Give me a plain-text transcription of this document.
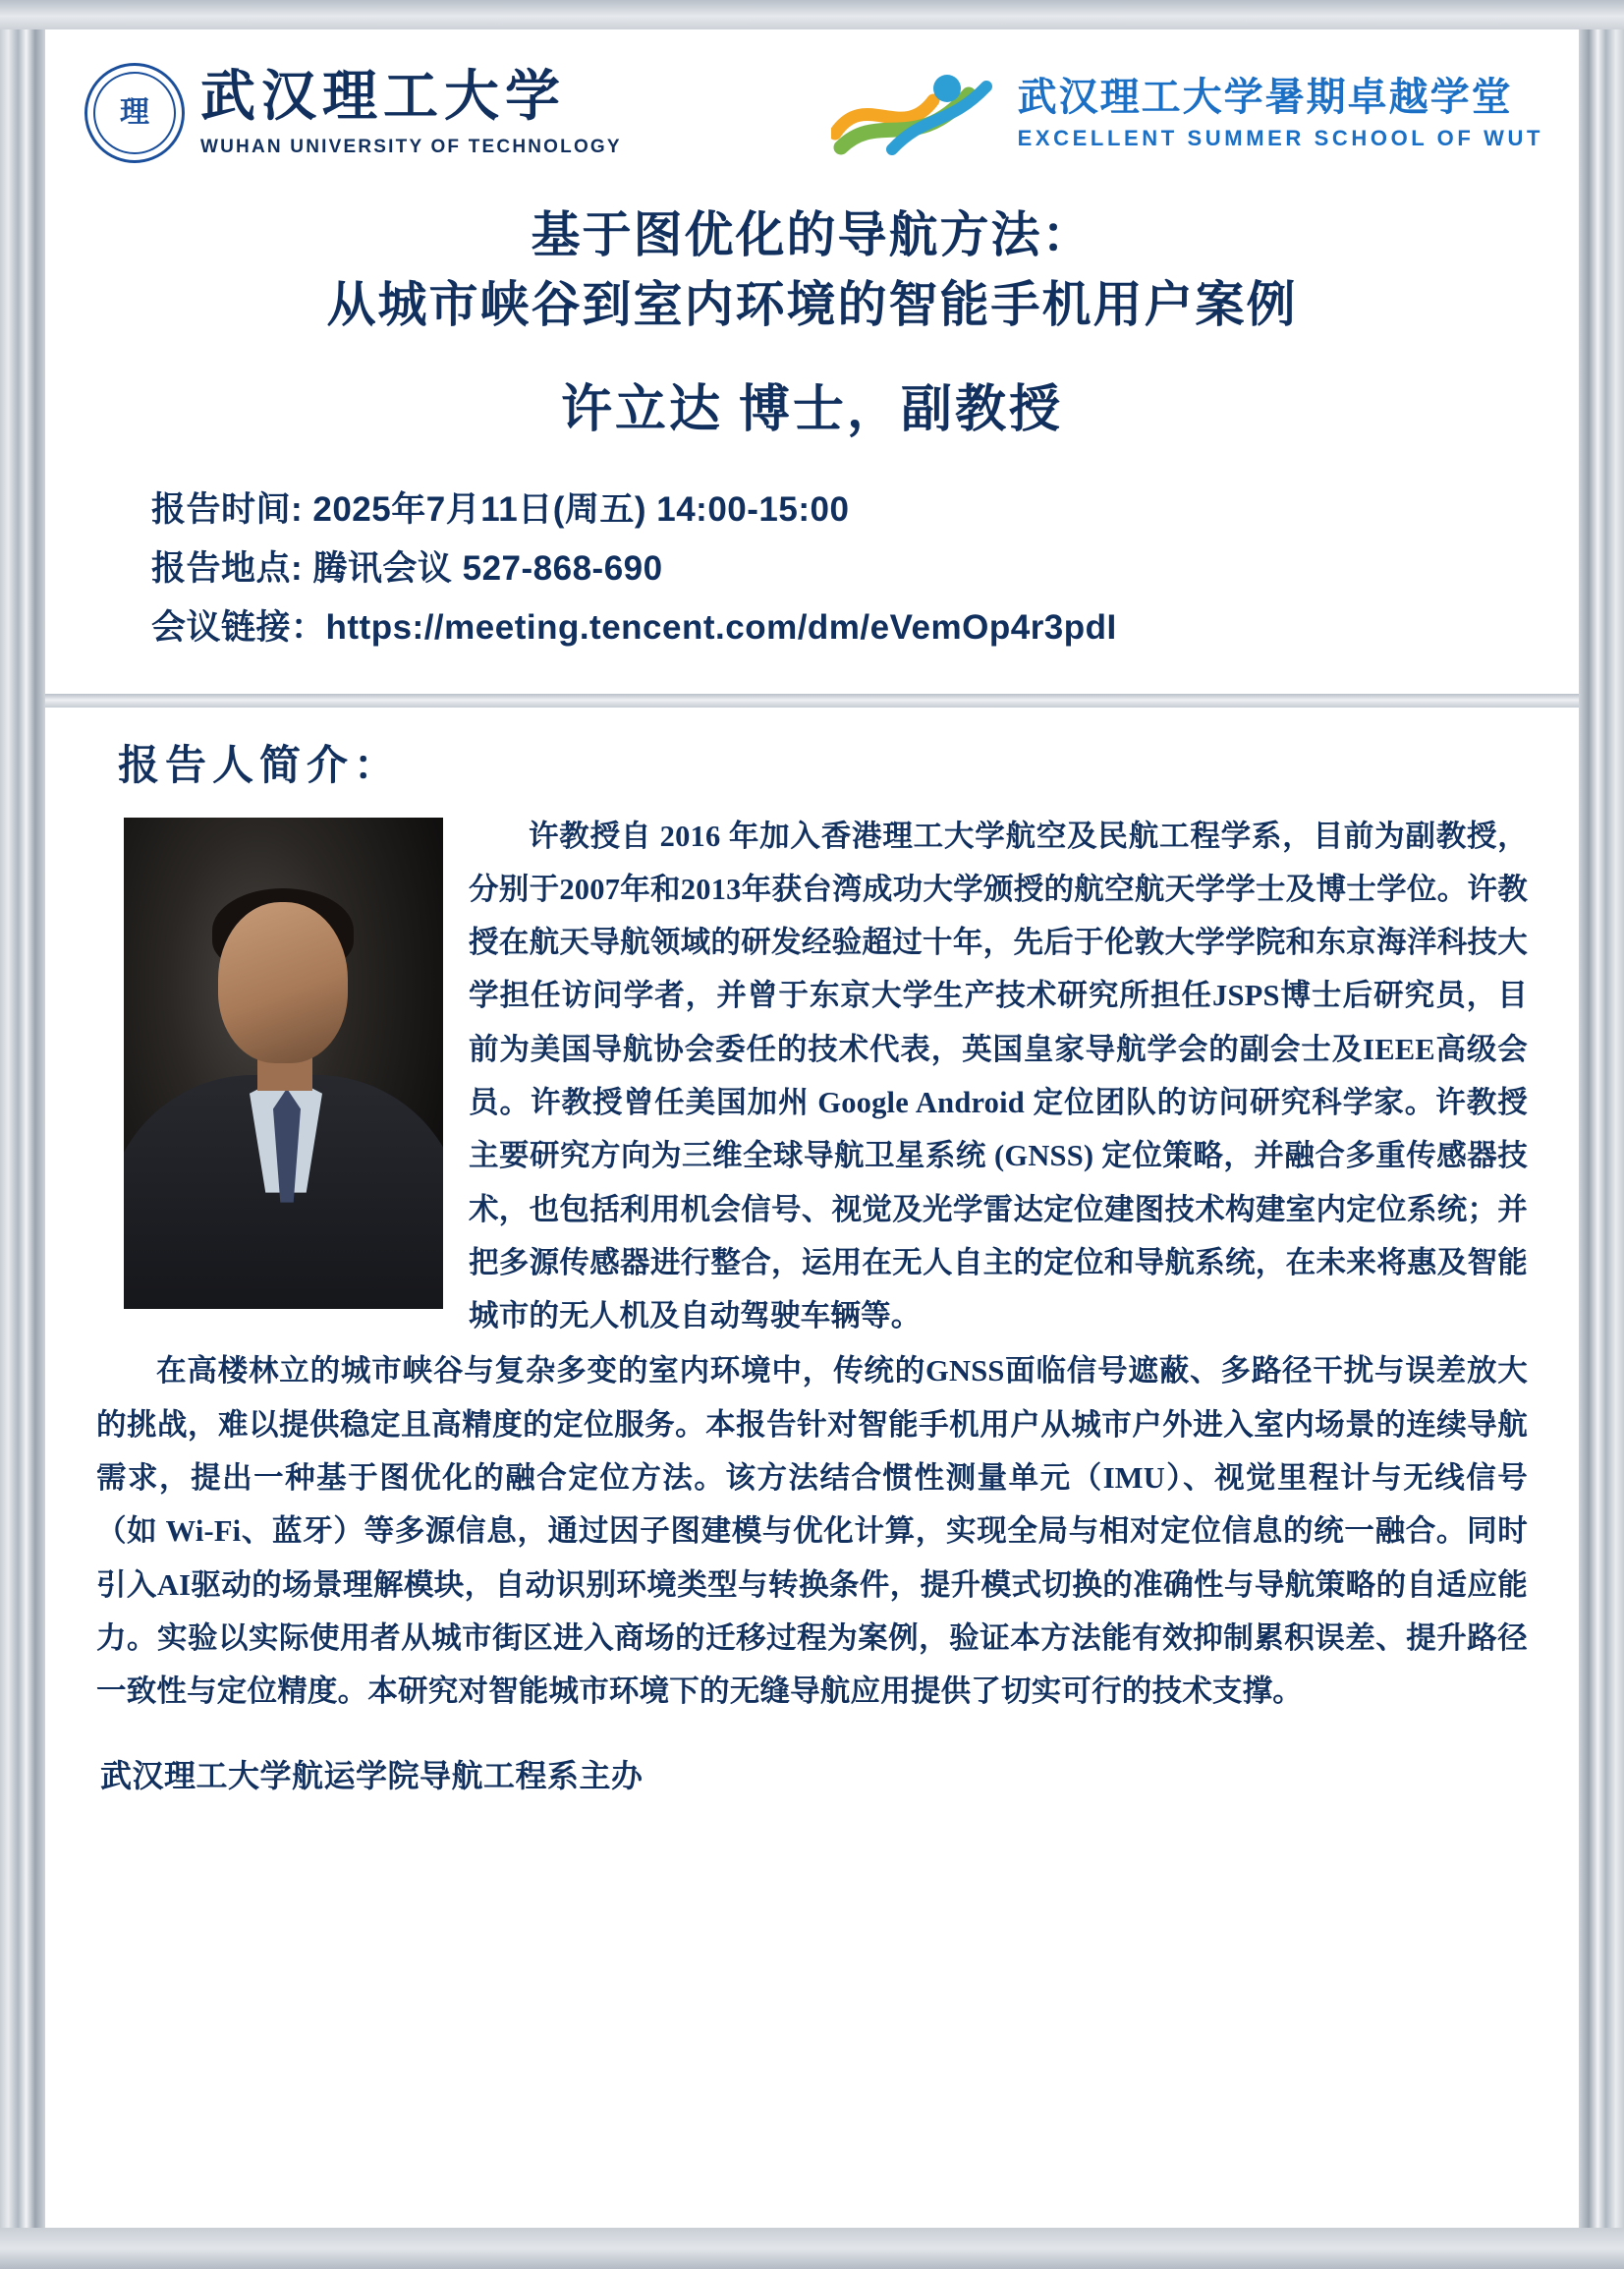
理 武汉理工大学
WUHAN UNIVERSITY OF TECHNOLOGY
武汉理工大学暑期卓越学堂
EXCELLENT SUMMER SCHOOL OF WUT
基于图优化的导航方法：
从城市峡谷到室内环境的智能手机用户案例
许立达 博士，副教授
报告时间: 2025年7月11日(周五) 14:00-15:00
报告地点: 腾讯会议 527-868-690
会议链接：https://meeting.tencent.com/dm/eVemOp4r3pdI
报告人简介：

许教授自 2016 年加入香港理工大学航空及民航工程学系，目前为副教授，分别于2007年和2013年获台湾成功大学颁授的航空航天学学士及博士学位。许教授在航天导航领域的研发经验超过十年，先后于伦敦大学学院和东京海洋科技大学担任访问学者，并曾于东京大学生产技术研究所担任JSPS博士后研究员，目前为美国导航协会委任的技术代表，英国皇家导航学会的副会士及IEEE高级会员。许教授曾任美国加州 Google Android 定位团队的访问研究科学家。许教授主要研究方向为三维全球导航卫星系统 (GNSS) 定位策略，并融合多重传感器技术，也包括利用机会信号、视觉及光学雷达定位建图技术构建室内定位系统；并把多源传感器进行整合，运用在无人自主的定位和导航系统，在未来将惠及智能城市的无人机及自动驾驶车辆等。

在高楼林立的城市峡谷与复杂多变的室内环境中，传统的GNSS面临信号遮蔽、多路径干扰与误差放大的挑战，难以提供稳定且高精度的定位服务。本报告针对智能手机用户从城市户外进入室内场景的连续导航需求，提出一种基于图优化的融合定位方法。该方法结合惯性测量单元（IMU）、视觉里程计与无线信号（如 Wi-Fi、蓝牙）等多源信息，通过因子图建模与优化计算，实现全局与相对定位信息的统一融合。同时引入AI驱动的场景理解模块，自动识别环境类型与转换条件，提升模式切换的准确性与导航策略的自适应能力。实验以实际使用者从城市街区进入商场的迁移过程为案例，验证本方法能有效抑制累积误差、提升路径一致性与定位精度。本研究对智能城市环境下的无缝导航应用提供了切实可行的技术支撑。

武汉理工大学航运学院导航工程系主办
